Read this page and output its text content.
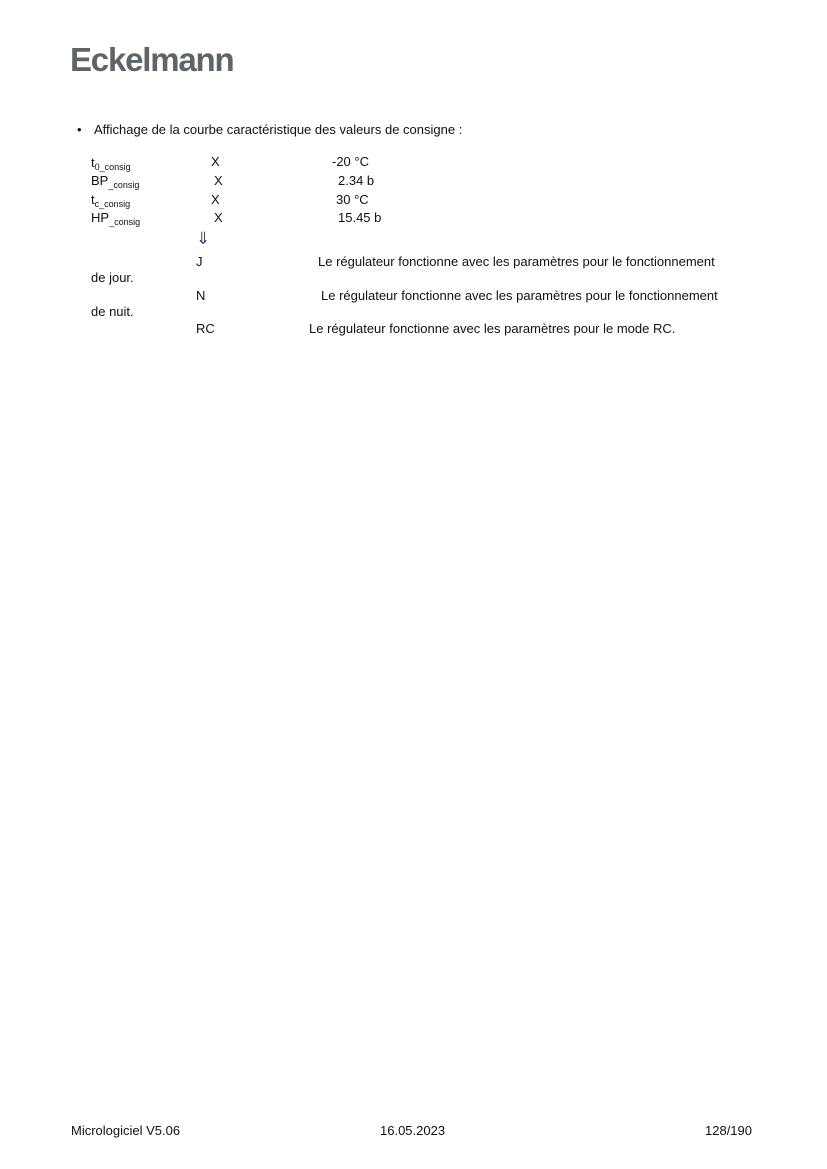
Eckelmann
• Affichage de la courbe caractéristique des valeurs de consigne :
$t_{0\_consig}$	X	-20 °C
$BP_{\_consig}$	X	2.34 b
$t_{c\_consig}$	X	30 °C
$HP_{\_consig}$	X	15.45 b
⇓
J	Le régulateur fonctionne avec les paramètres pour le fonctionnement
de jour.
N	Le régulateur fonctionne avec les paramètres pour le fonctionnement
de nuit.
RC	Le régulateur fonctionne avec les paramètres pour le mode RC.
Micrologiciel V5.06	16.05.2023	128/190
